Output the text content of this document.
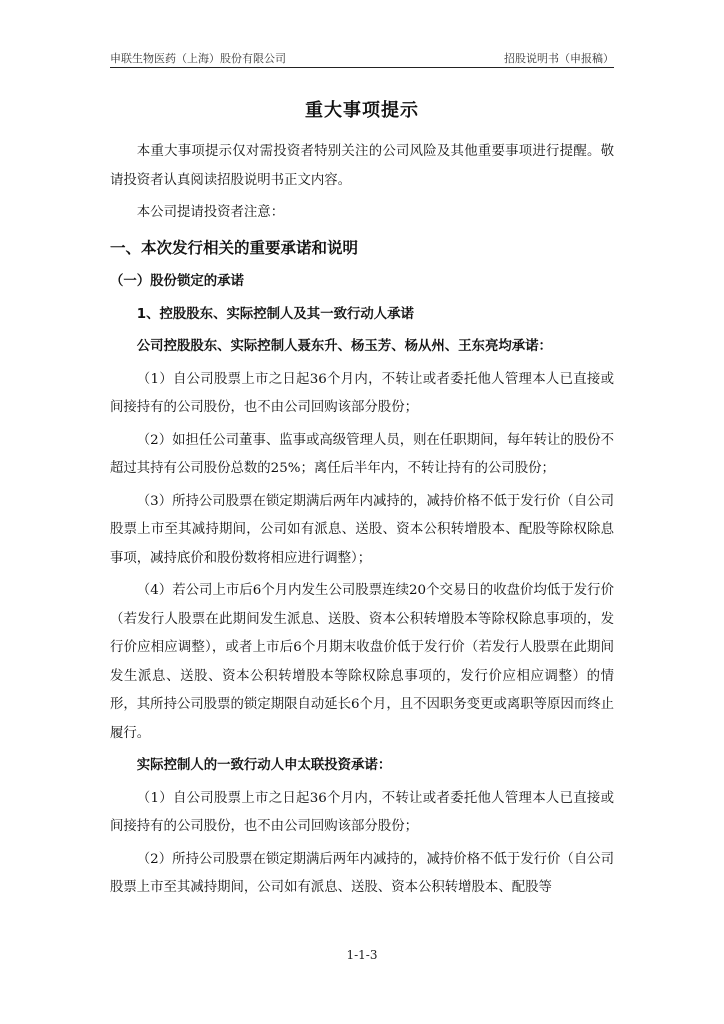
申联生物医药（上海）股份有限公司	招股说明书（申报稿）
重大事项提示

本重大事项提示仅对需投资者特别关注的公司风险及其他重要事项进行提醒。敬请投资者认真阅读招股说明书正文内容。

本公司提请投资者注意：

一、本次发行相关的重要承诺和说明
（一）股份锁定的承诺

1、控股股东、实际控制人及其一致行动人承诺

公司控股股东、实际控制人聂东升、杨玉芳、杨从州、王东亮均承诺：

（1）自公司股票上市之日起36个月内，不转让或者委托他人管理本人已直接或间接持有的公司股份，也不由公司回购该部分股份；

（2）如担任公司董事、监事或高级管理人员，则在任职期间，每年转让的股份不超过其持有公司股份总数的25%；离任后半年内，不转让持有的公司股份；

（3）所持公司股票在锁定期满后两年内减持的，减持价格不低于发行价（自公司股票上市至其减持期间，公司如有派息、送股、资本公积转增股本、配股等除权除息事项，减持底价和股份数将相应进行调整）；

（4）若公司上市后6个月内发生公司股票连续20个交易日的收盘价均低于发行价（若发行人股票在此期间发生派息、送股、资本公积转增股本等除权除息事项的，发行价应相应调整），或者上市后6个月期末收盘价低于发行价（若发行人股票在此期间发生派息、送股、资本公积转增股本等除权除息事项的，发行价应相应调整）的情形，其所持公司股票的锁定期限自动延长6个月，且不因职务变更或离职等原因而终止履行。

实际控制人的一致行动人申太联投资承诺：

（1）自公司股票上市之日起36个月内，不转让或者委托他人管理本人已直接或间接持有的公司股份，也不由公司回购该部分股份；

（2）所持公司股票在锁定期满后两年内减持的，减持价格不低于发行价（自公司股票上市至其减持期间，公司如有派息、送股、资本公积转增股本、配股等

1-1-3
